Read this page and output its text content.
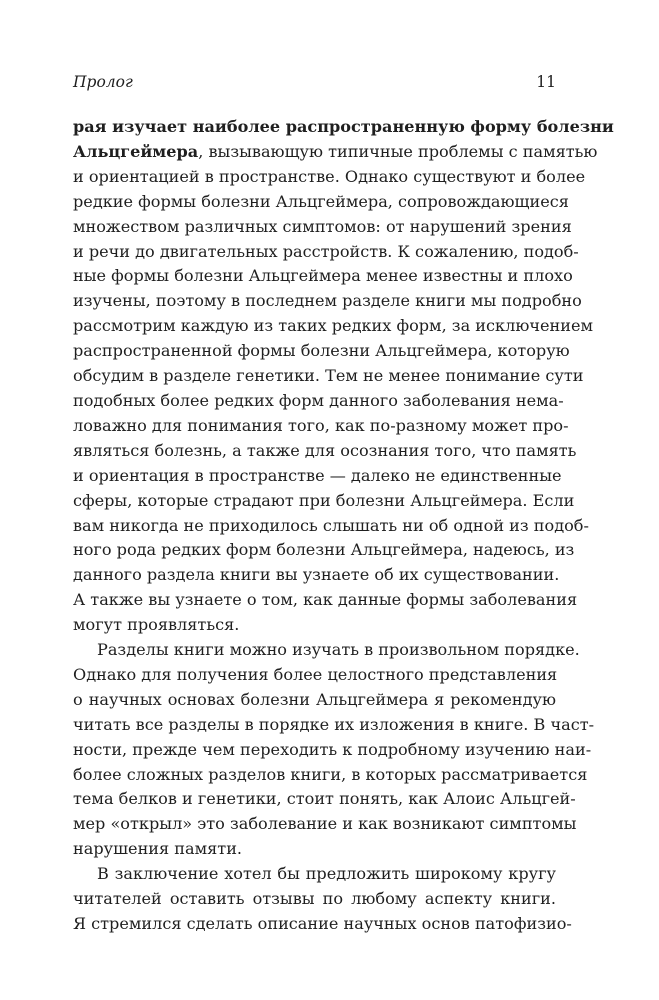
Пролог	11
рая изучает наиболее распространенную форму болезни
Альцгеймера, вызывающую типичные проблемы с памятью
и ориентацией в пространстве. Однако существуют и более
редкие формы болезни Альцгеймера, сопровождающиеся
множеством различных симптомов: от нарушений зрения
и речи до двигательных расстройств. К сожалению, подоб-
ные формы болезни Альцгеймера менее известны и плохо
изучены, поэтому в последнем разделе книги мы подробно
рассмотрим каждую из таких редких форм, за исключением
распространенной формы болезни Альцгеймера, которую
обсудим в разделе генетики. Тем не менее понимание сути
подобных более редких форм данного заболевания нема-
ловажно для понимания того, как по-разному может про-
являться болезнь, а также для осознания того, что память
и ориентация в пространстве — далеко не единственные
сферы, которые страдают при болезни Альцгеймера. Если
вам никогда не приходилось слышать ни об одной из подоб-
ного рода редких форм болезни Альцгеймера, надеюсь, из
данного раздела книги вы узнаете об их существовании.
А также вы узнаете о том, как данные формы заболевания
могут проявляться.
Разделы книги можно изучать в произвольном порядке.
Однако для получения более целостного представления
о научных основах болезни Альцгеймера я рекомендую
читать все разделы в порядке их изложения в книге. В част-
ности, прежде чем переходить к подробному изучению наи-
более сложных разделов книги, в которых рассматривается
тема белков и генетики, стоит понять, как Алоис Альцгей-
мер «открыл» это заболевание и как возникают симптомы
нарушения памяти.
В заключение хотел бы предложить широкому кругу
читателей оставить отзывы по любому аспекту книги.
Я стремился сделать описание научных основ патофизио-
